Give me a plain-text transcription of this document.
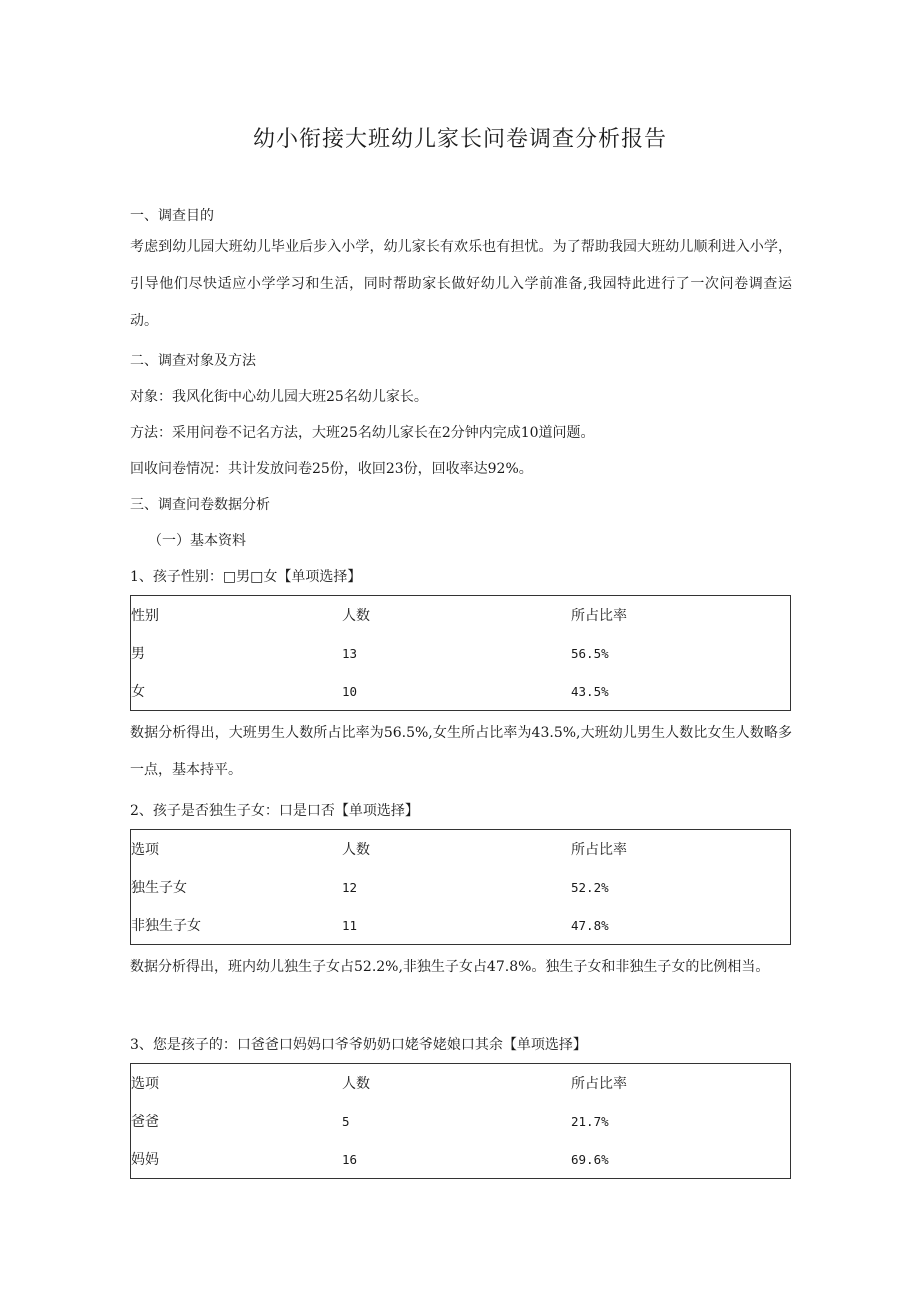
幼小衔接大班幼儿家长问卷调查分析报告

一、调查目的

考虑到幼儿园大班幼儿毕业后步入小学，幼儿家长有欢乐也有担忧。为了帮助我园大班幼儿顺利进入小学，引导他们尽快适应小学学习和生活，同时帮助家长做好幼儿入学前准备,我园特此进行了一次问卷调查运动。

二、调查对象及方法

对象：我风化街中心幼儿园大班25名幼儿家长。

方法：采用问卷不记名方法，大班25名幼儿家长在2分钟内完成10道问题。

回收问卷情况：共计发放问卷25份，收回23份，回收率达92%。

三、调查问卷数据分析

（一）基本资料

1、孩子性别：□男□女【单项选择】

性别	人数	所占比率
男	13	56.5%
女	10	43.5%

数据分析得出，大班男生人数所占比率为56.5%,女生所占比率为43.5%,大班幼儿男生人数比女生人数略多一点，基本持平。

2、孩子是否独生子女：口是口否【单项选择】

选项	人数	所占比率
独生子女	12	52.2%
非独生子女	11	47.8%

数据分析得出，班内幼儿独生子女占52.2%,非独生子女占47.8%。独生子女和非独生子女的比例相当。

3、您是孩子的：口爸爸口妈妈口爷爷奶奶口姥爷姥娘口其余【单项选择】

选项	人数	所占比率
爸爸	5	21.7%
妈妈	16	69.6%
